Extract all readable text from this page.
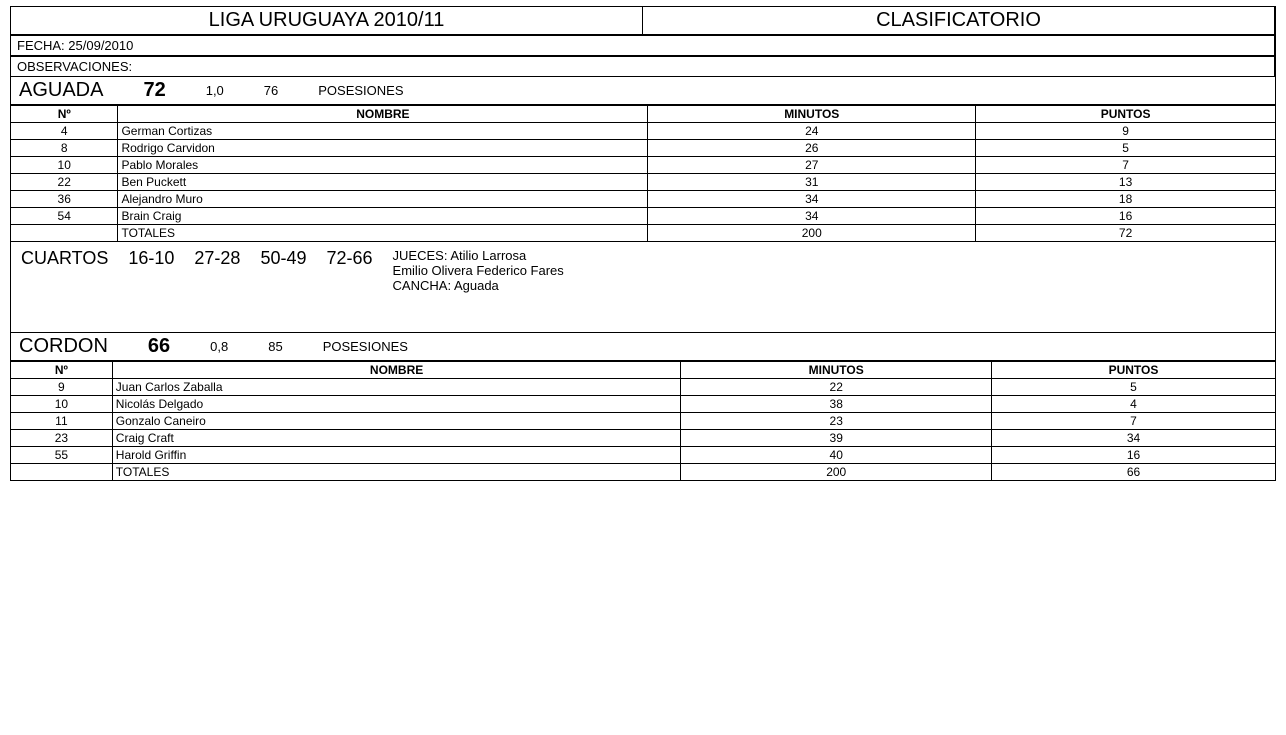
LIGA URUGUAYA 2010/11	CLASIFICATORIO
FECHA: 25/09/2010
OBSERVACIONES:
AGUADA 72	1,0	76	POSESIONES
Nº	NOMBRE	MINUTOS	PUNTOS
4	German Cortizas	24	9
8	Rodrigo Carvidon	26	5
10	Pablo Morales	27	7
22	Ben Puckett	31	13
36	Alejandro Muro	34	18
54	Brain Craig	34	16
	TOTALES	200	72
CUARTOS	16-10	27-28	50-49	72-66	JUECES: Atilio Larrosa
Emilio Olivera Federico Fares
CANCHA: Aguada
CORDON 66	0,8	85	POSESIONES
Nº	NOMBRE	MINUTOS	PUNTOS
9	Juan Carlos Zaballa	22	5
10	Nicolás Delgado	38	4
11	Gonzalo Caneiro	23	7
23	Craig Craft	39	34
55	Harold Griffin	40	16
	TOTALES	200	66
